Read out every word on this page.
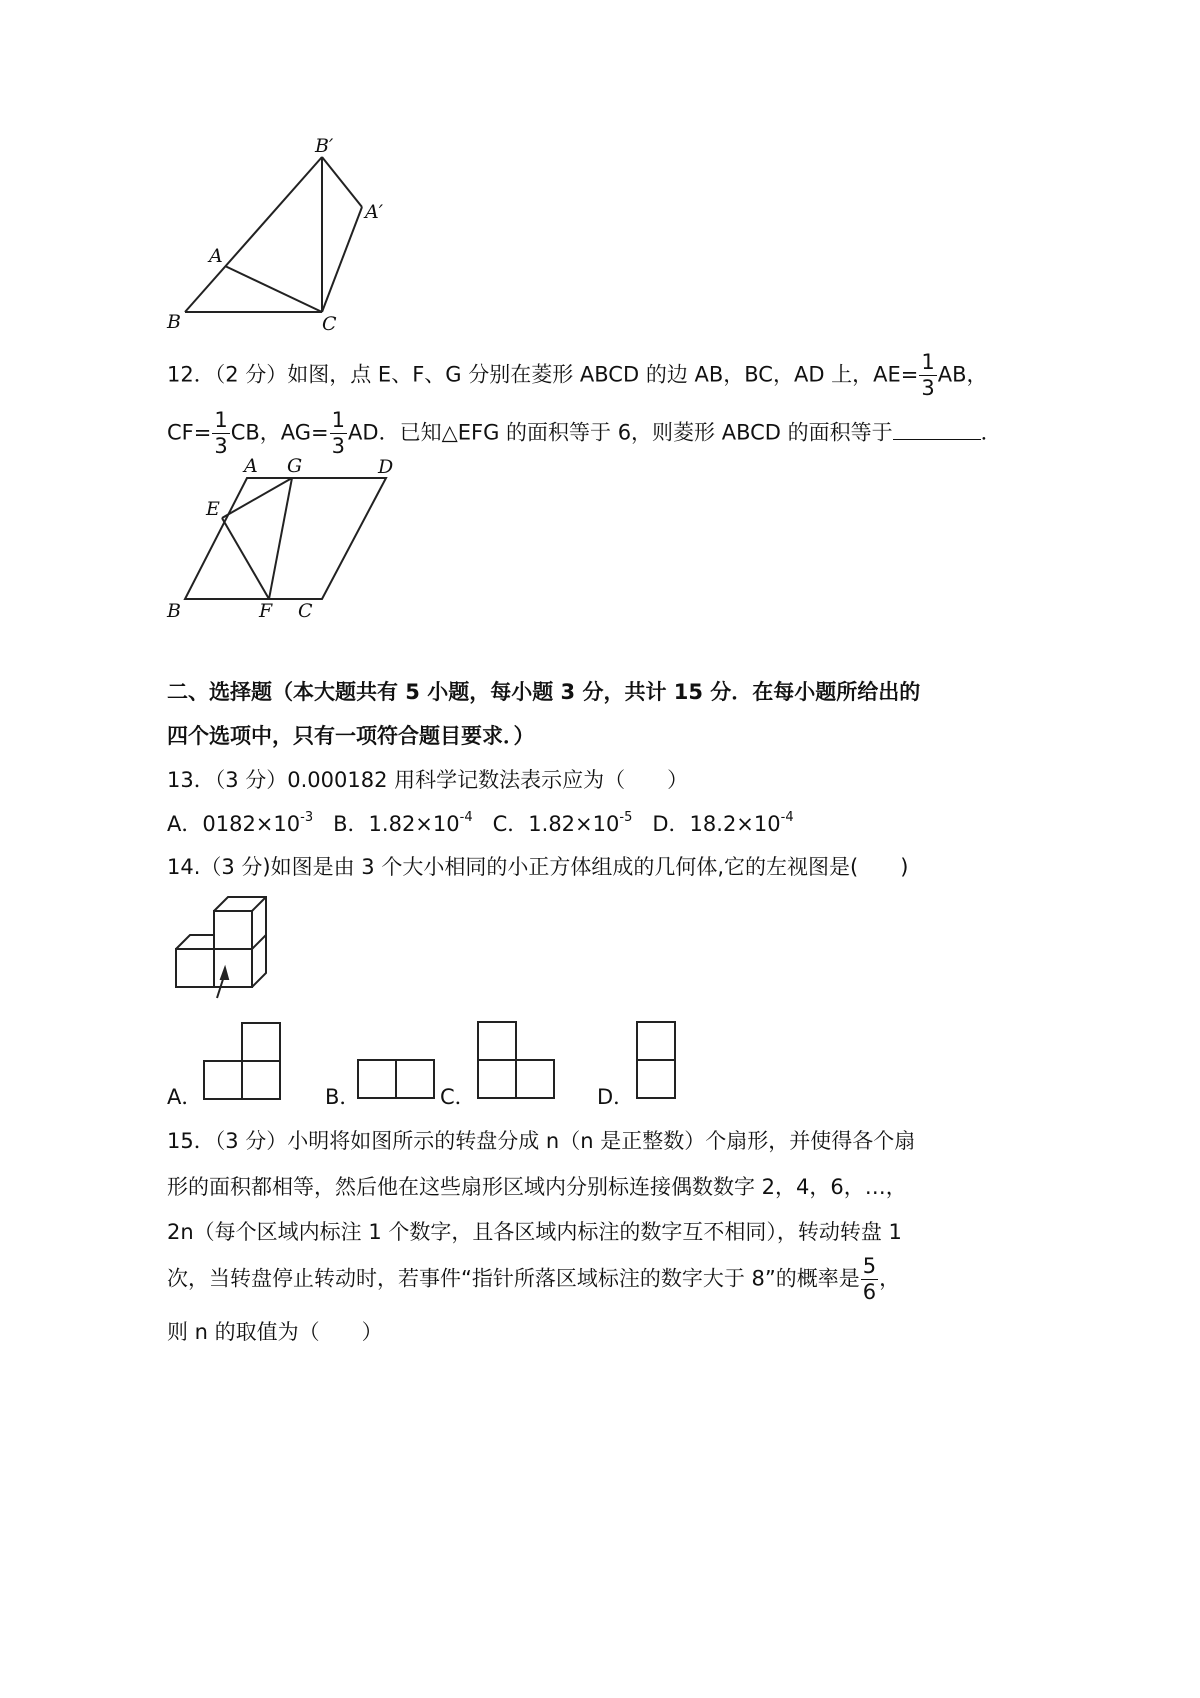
B′
A′
A
B	C
12．（2 分）如图，点 E、F、G 分别在菱形 ABCD 的边 AB，BC，AD 上，$AE= \frac{1}{3}$ AB，
$CF= \frac{1}{3}$ CB，$AG= \frac{1}{3}$ AD．已知△EFG 的面积等于 6，则菱形 ABCD 的面积等于	．
A G	D
E
B	F C
二、选择题（本大题共有 5 小题，每小题 3 分，共计 15 分．在每小题所给出的
四个选项中，只有一项符合题目要求．）
13．（3 分）0.000182 用科学记数法表示应为（　　）
A．$0182\times 10^{-3}$ B．$1.82\times 10^{-4}$ C．$1.82\times 10^{-5}$ D．$18.2\times 10^{-4}$
14.（3 分)如图是由 3 个大小相同的小正方体组成的几何体,它的左视图是(　　)
A．	B．	C．	D．
15．（3 分）小明将如图所示的转盘分成 n（n 是正整数）个扇形，并使得各个扇
形的面积都相等，然后他在这些扇形区域内分别标连接偶数数字 2，4，6，…，
2n（每个区域内标注 1 个数字，且各区域内标注的数字互不相同），转动转盘 1
次，当转盘停止转动时，若事件“指针所落区域标注的数字大于 8”的概率是 $\frac{5}{6}$ ，
则 n 的取值为（　　）
